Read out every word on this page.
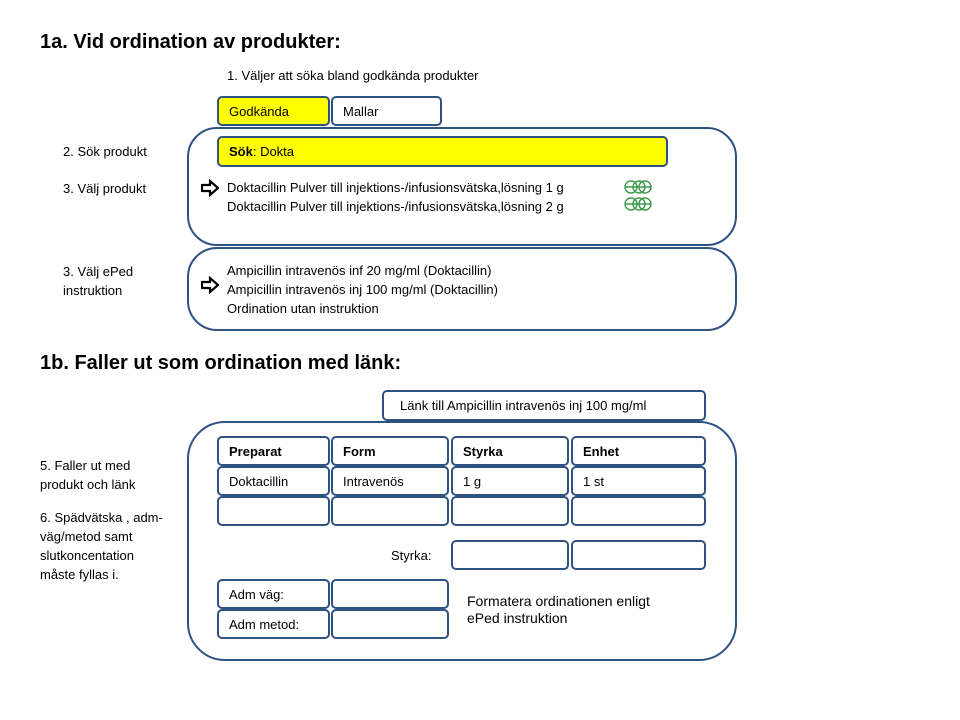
1a. Vid ordination av produkter:
1. Väljer att söka bland godkända produkter
Godkända	Mallar
2. Sök produkt	Sök : Dokta
3. Välj produkt	Doktacillin Pulver till injektions-/infusionsvätska,lösning 1 g
Doktacillin Pulver till injektions-/infusionsvätska,lösning 2 g
3. Välj ePed
instruktion
Ampicillin intravenös inf 20 mg/ml (Doktacillin)
Ampicillin intravenös inj 100 mg/ml (Doktacillin)
Ordination utan instruktion
1b. Faller ut som ordination med länk:
Länk till Ampicillin intravenös inj 100 mg/ml
5. Faller ut med
produkt och länk
6. Spädvätska , adm-
väg/metod samt
slutkoncentation
måste fyllas i.
Preparat	Form	Styrka	Enhet
Doktacillin	Intravenös	1 g	1 st
Styrka:
Adm väg:
Adm metod:
Formatera ordinationen enligt
ePed instruktion
